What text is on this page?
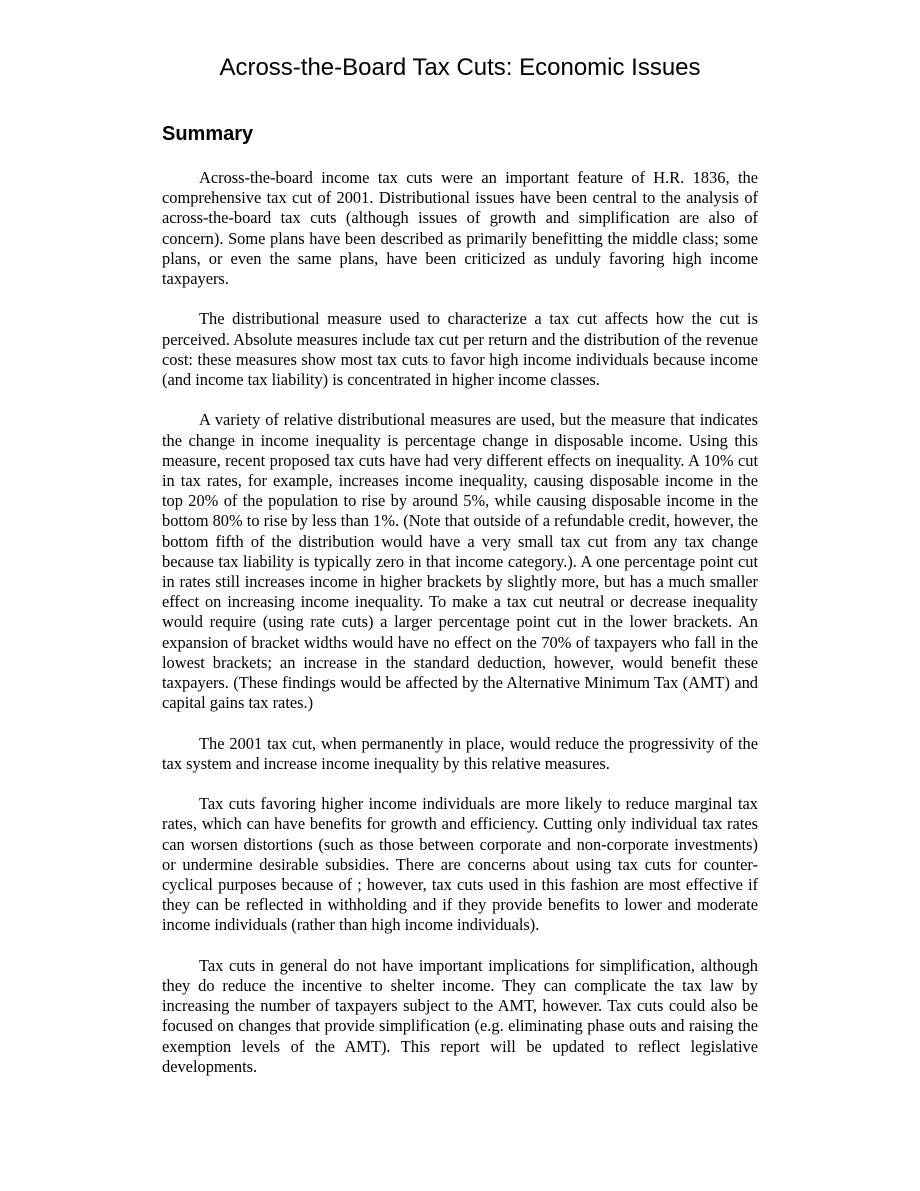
Across-the-Board Tax Cuts: Economic Issues
Summary

Across-the-board income tax cuts were an important feature of H.R. 1836, the comprehensive tax cut of 2001. Distributional issues have been central to the analysis of across-the-board tax cuts (although issues of growth and simplification are also of concern). Some plans have been described as primarily benefitting the middle class; some plans, or even the same plans, have been criticized as unduly favoring high income taxpayers.

The distributional measure used to characterize a tax cut affects how the cut is perceived. Absolute measures include tax cut per return and the distribution of the revenue cost: these measures show most tax cuts to favor high income individuals because income (and income tax liability) is concentrated in higher income classes.

A variety of relative distributional measures are used, but the measure that indicates the change in income inequality is percentage change in disposable income. Using this measure, recent proposed tax cuts have had very different effects on inequality. A 10% cut in tax rates, for example, increases income inequality, causing disposable income in the top 20% of the population to rise by around 5%, while causing disposable income in the bottom 80% to rise by less than 1%. (Note that outside of a refundable credit, however, the bottom fifth of the distribution would have a very small tax cut from any tax change because tax liability is typically zero in that income category.). A one percentage point cut in rates still increases income in higher brackets by slightly more, but has a much smaller effect on increasing income inequality. To make a tax cut neutral or decrease inequality would require (using rate cuts) a larger percentage point cut in the lower brackets. An expansion of bracket widths would have no effect on the 70% of taxpayers who fall in the lowest brackets; an increase in the standard deduction, however, would benefit these taxpayers. (These findings would be affected by the Alternative Minimum Tax (AMT) and capital gains tax rates.)

The 2001 tax cut, when permanently in place, would reduce the progressivity of the tax system and increase income inequality by this relative measures.

Tax cuts favoring higher income individuals are more likely to reduce marginal tax rates, which can have benefits for growth and efficiency. Cutting only individual tax rates can worsen distortions (such as those between corporate and non-corporate investments) or undermine desirable subsidies. There are concerns about using tax cuts for counter-cyclical purposes because of ; however, tax cuts used in this fashion are most effective if they can be reflected in withholding and if they provide benefits to lower and moderate income individuals (rather than high income individuals).

Tax cuts in general do not have important implications for simplification, although they do reduce the incentive to shelter income. They can complicate the tax law by increasing the number of taxpayers subject to the AMT, however. Tax cuts could also be focused on changes that provide simplification (e.g. eliminating phase outs and raising the exemption levels of the AMT). This report will be updated to reflect legislative developments.
